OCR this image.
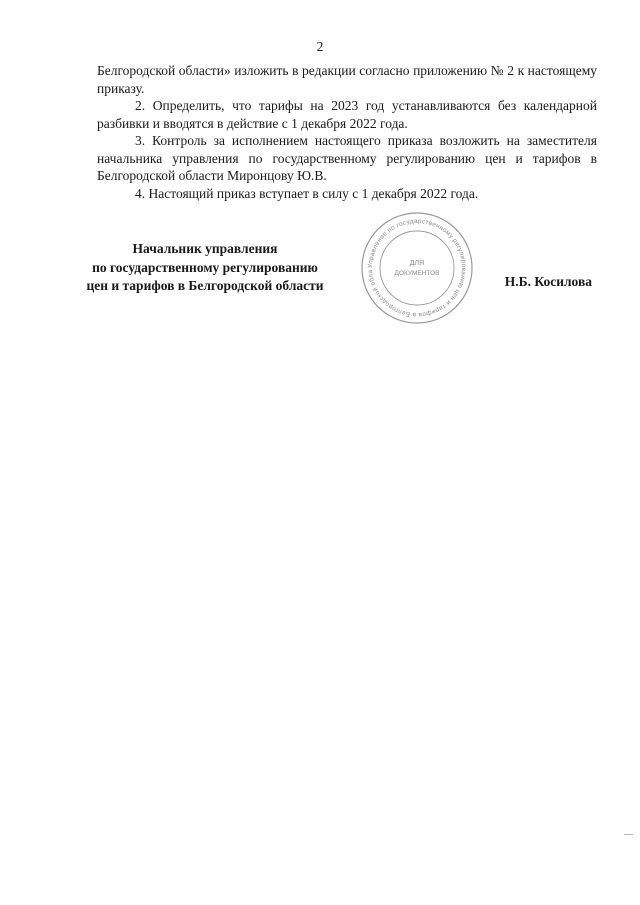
2

Белгородской области» изложить в редакции согласно приложению № 2 к настоящему приказу.

2. Определить, что тарифы на 2023 год устанавливаются без календарной разбивки и вводятся в действие с 1 декабря 2022 года.

3. Контроль за исполнением настоящего приказа возложить на заместителя начальника управления по государственному регулированию цен и тарифов в Белгородской области Миронцову Ю.В.

4. Настоящий приказ вступает в силу с 1 декабря 2022 года.

Начальник управления
по государственному регулированию
цен и тарифов в Белгородской области	Н.Б. Косилова
Управление по государственному регулированию цен и тарифов в Белгородской обла
ДЛЯ
ДОКУМЕНТОВ
—
